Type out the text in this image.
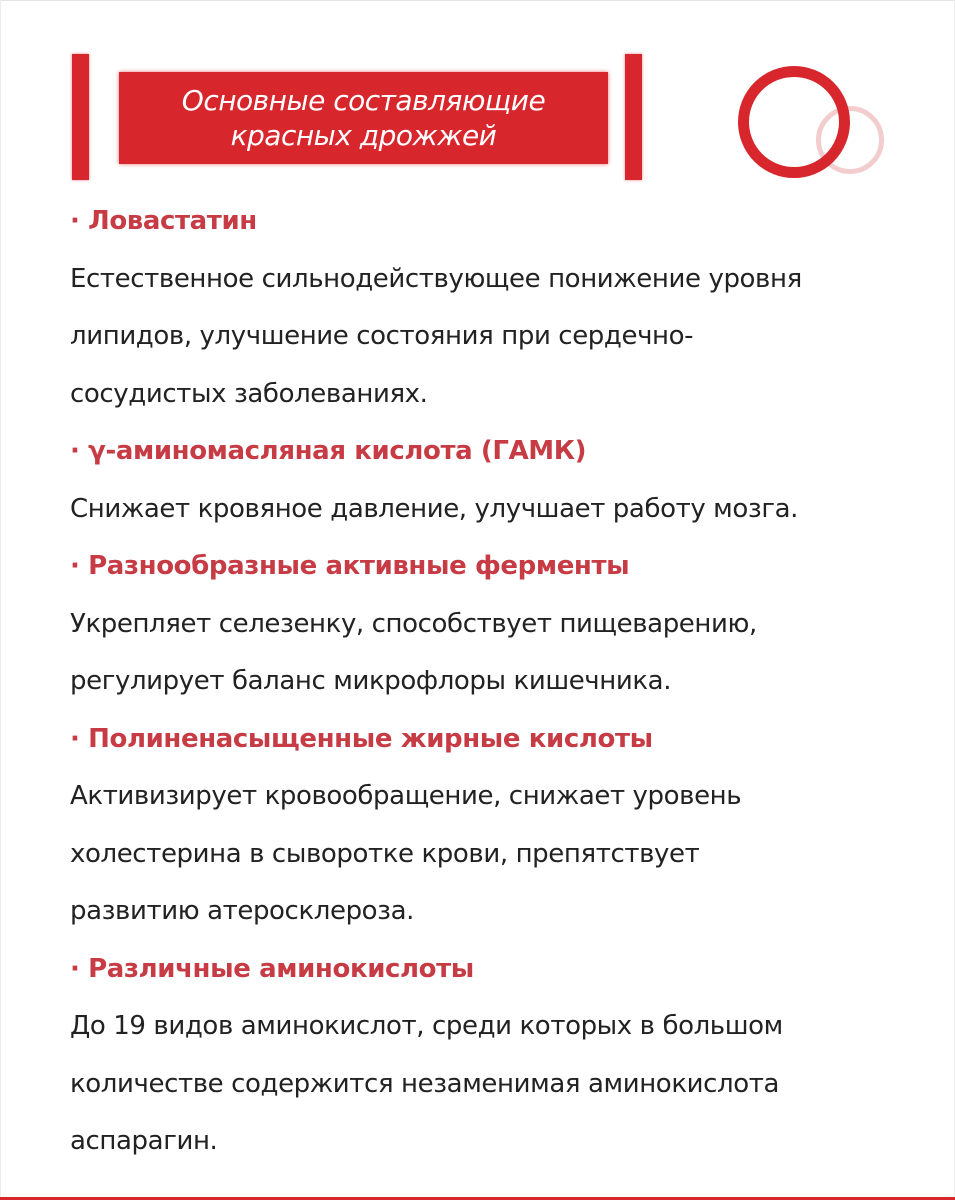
Основные составляющие
красных дрожжей
· Ловастатин
Естественное сильнодействующее понижение уровня
липидов, улучшение состояния при сердечно-
сосудистых заболеваниях.
· γ-аминомасляная кислота (ГАМК)
Снижает кровяное давление, улучшает работу мозга.
· Разнообразные активные ферменты
Укрепляет селезенку, способствует пищеварению,
регулирует баланс микрофлоры кишечника.
· Полиненасыщенные жирные кислоты
Активизирует кровообращение, снижает уровень
холестерина в сыворотке крови, препятствует
развитию атеросклероза.
· Различные аминокислоты
До 19 видов аминокислот, среди которых в большом
количестве содержится незаменимая аминокислота
аспарагин.
